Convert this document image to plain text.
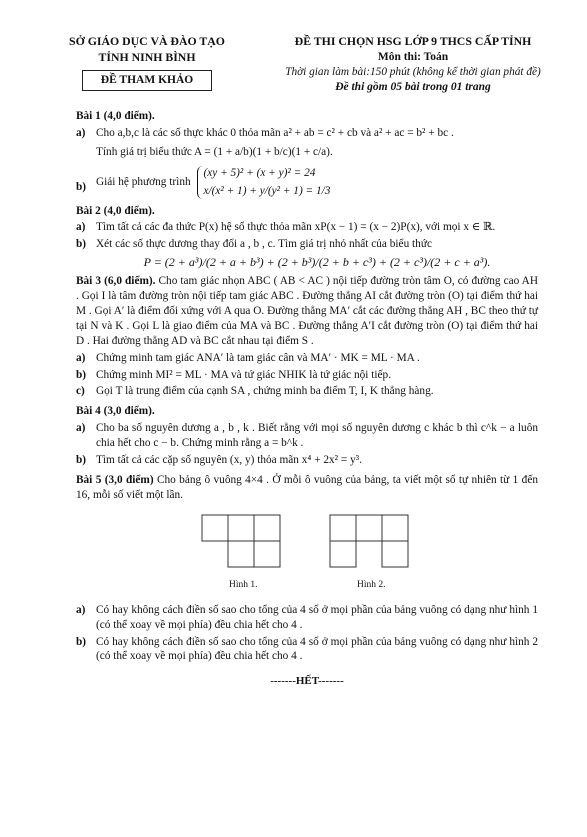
SỞ GIÁO DỤC VÀ ĐÀO TẠO
TỈNH NINH BÌNH
ĐỀ THAM KHẢO
ĐỀ THI CHỌN HSG LỚP 9 THCS CẤP TỈNH
Môn thi: Toán
Thời gian làm bài:150 phút (không kể thời gian phát đề)
Đề thi gồm 05 bài trong 01 trang
Bài 1 (4,0 điểm).
a) Cho a,b,c là các số thực khác 0 thỏa mãn a² + ab = c² + cb và a² + ac = b² + bc .

Tính giá trị biểu thức A = (1 + a/b)(1 + b/c)(1 + c/a).

b) Giải hệ phương trình
(xy + 5)² + (x + y)² = 24
x/(x² + 1) + y/(y² + 1) = 1/3
Bài 2 (4,0 điểm).
a) Tìm tất cả các đa thức P(x) hệ số thực thỏa mãn xP(x − 1) = (x − 2)P(x), với mọi x ∈ ℝ.

b) Xét các số thực dương thay đổi a , b , c. Tìm giá trị nhỏ nhất của biểu thức

P = (2 + a³)/(2 + a + b³) + (2 + b³)/(2 + b + c³) + (2 + c³)/(2 + c + a³).

Bài 3 (6,0 điểm). Cho tam giác nhọn ABC ( AB < AC ) nội tiếp đường tròn tâm O, có đường cao AH . Gọi I là tâm đường tròn nội tiếp tam giác ABC . Đường thẳng AI cắt đường tròn (O) tại điểm thứ hai M . Gọi A′ là điểm đối xứng với A qua O. Đường thẳng MA′ cắt các đường thẳng AH , BC theo thứ tự tại N và K . Gọi L là giao điểm của MA và BC . Đường thẳng A′I cắt đường tròn (O) tại điểm thứ hai D . Hai đường thẳng AD và BC cắt nhau tại điểm S .

a) Chứng minh tam giác ANA′ là tam giác cân và MA′ · MK = ML · MA .

b) Chứng minh MI² = ML · MA và tứ giác NHIK là tứ giác nội tiếp.

c) Gọi T là trung điểm của cạnh SA , chứng minh ba điểm T, I, K thẳng hàng.

Bài 4 (3,0 điểm).
a) Cho ba số nguyên dương a , b , k . Biết rằng với mọi số nguyên dương c khác b thì c^k − a luôn chia hết cho c − b. Chứng minh rằng a = b^k .

b) Tìm tất cả các cặp số nguyên (x, y) thỏa mãn x⁴ + 2x² = y³.

Bài 5 (3,0 điểm) Cho bảng ô vuông 4×4 . Ở mỗi ô vuông của bảng, ta viết một số tự nhiên từ 1 đến 16, mỗi số viết một lần.

Hình 1.	Hình 2.
a) Có hay không cách điền số sao cho tổng của 4 số ở mọi phần của bảng vuông có dạng như hình 1 (có thể xoay về mọi phía) đều chia hết cho 4 .

b) Có hay không cách điền số sao cho tổng của 4 số ở mọi phần của bảng vuông có dạng như hình 2 (có thể xoay về mọi phía) đều chia hết cho 4 .

-------HẾT-------
